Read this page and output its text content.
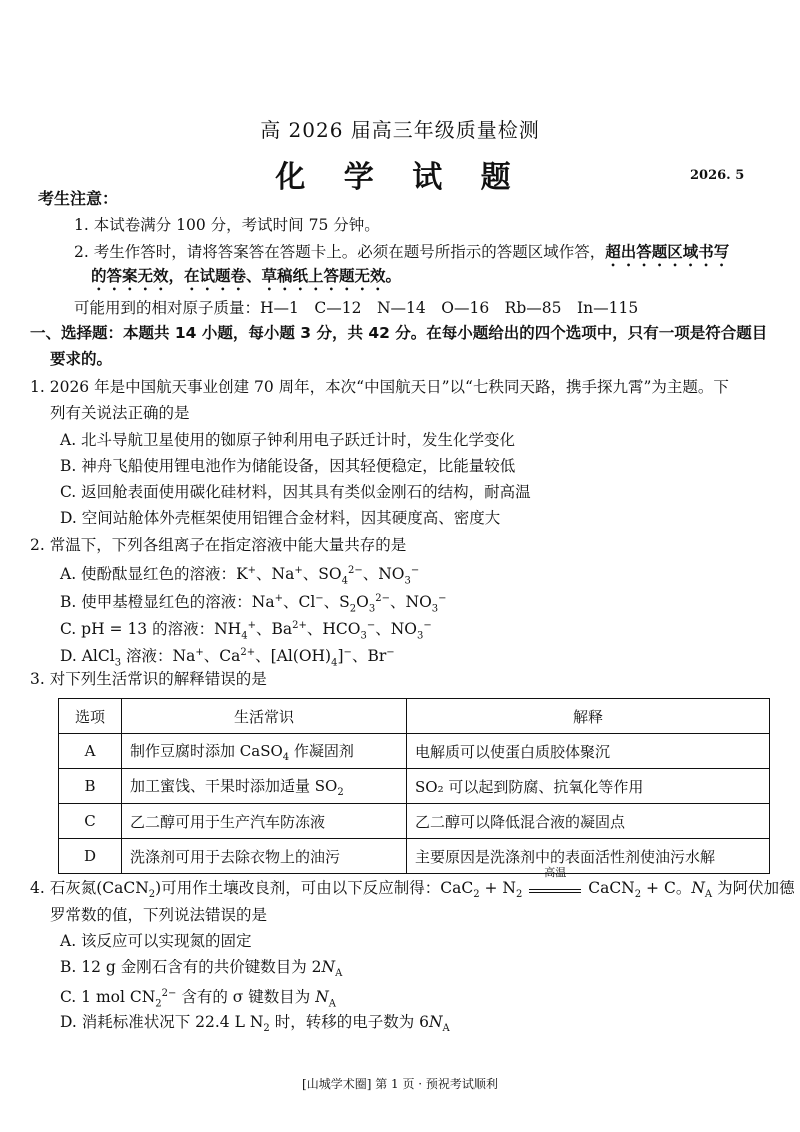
高 2026 届高三年级质量检测
化 学 试 题	2026. 5
考生注意：
1. 本试卷满分 100 分，考试时间 75 分钟。
2. 考生作答时，请将答案答在答题卡上。必须在题号所指示的答题区域作答，超出答题区域书写
的答案无效，在试题卷、草稿纸上答题无效。
可能用到的相对原子质量：H—1　C—12　N—14　O—16　Rb—85　In—115
一、选择题：本题共 14 小题，每小题 3 分，共 42 分。在每小题给出的四个选项中，只有一项是符合题目
要求的。
1. 2026 年是中国航天事业创建 70 周年，本次“中国航天日”以“七秩同天路，携手探九霄”为主题。下
列有关说法正确的是
A. 北斗导航卫星使用的铷原子钟利用电子跃迁计时，发生化学变化
B. 神舟飞船使用锂电池作为储能设备，因其轻便稳定，比能量较低
C. 返回舱表面使用碳化硅材料，因其具有类似金刚石的结构，耐高温
D. 空间站舱体外壳框架使用铝锂合金材料，因其硬度高、密度大
2. 常温下，下列各组离子在指定溶液中能大量共存的是
A. 使酚酞显红色的溶液：K+、Na+、$SO_4^{2-}$、$NO_3^-$
B. 使甲基橙显红色的溶液：Na+、Cl−、$S_2O_3^{2-}$、$NO_3^-$
C. pH = 13 的溶液：$NH_4^+$、$Ba^{2+}$、$HCO_3^-$、$NO_3^-$
D. AlCl$_3$ 溶液：Na+、$Ca^{2+}$、$[Al(OH)_4]^-$、Br−
3. 对下列生活常识的解释错误的是
选项	生活常识	解释
A	制作豆腐时添加 CaSO$_4$ 作凝固剂	电解质可以使蛋白质胶体聚沉
B	加工蜜饯、干果时添加适量 $SO_2$	SO₂ 可以起到防腐、抗氧化等作用
C	乙二醇可用于生产汽车防冻液	乙二醇可以降低混合液的凝固点
D	洗涤剂可用于去除衣物上的油污	主要原因是洗涤剂中的表面活性剂使油污水解
4. 石灰氮(CaCN$_2$)可用作土壤改良剂，可由以下反应制得：$CaC_2 + N_2$
高温
CaCN$_2$ + C。$N_A$ 为阿伏加德
罗常数的值，下列说法错误的是
A. 该反应可以实现氮的固定
B. 12 g 金刚石含有的共价键数目为 $2N_A$
C. 1 mol $CN_2^{2-}$ 含有的 σ 键数目为 $N_A$
D. 消耗标准状况下 22.4 L $N_2$ 时，转移的电子数为 $6N_A$
[山城学术圈] 第 1 页 · 预祝考试顺利
